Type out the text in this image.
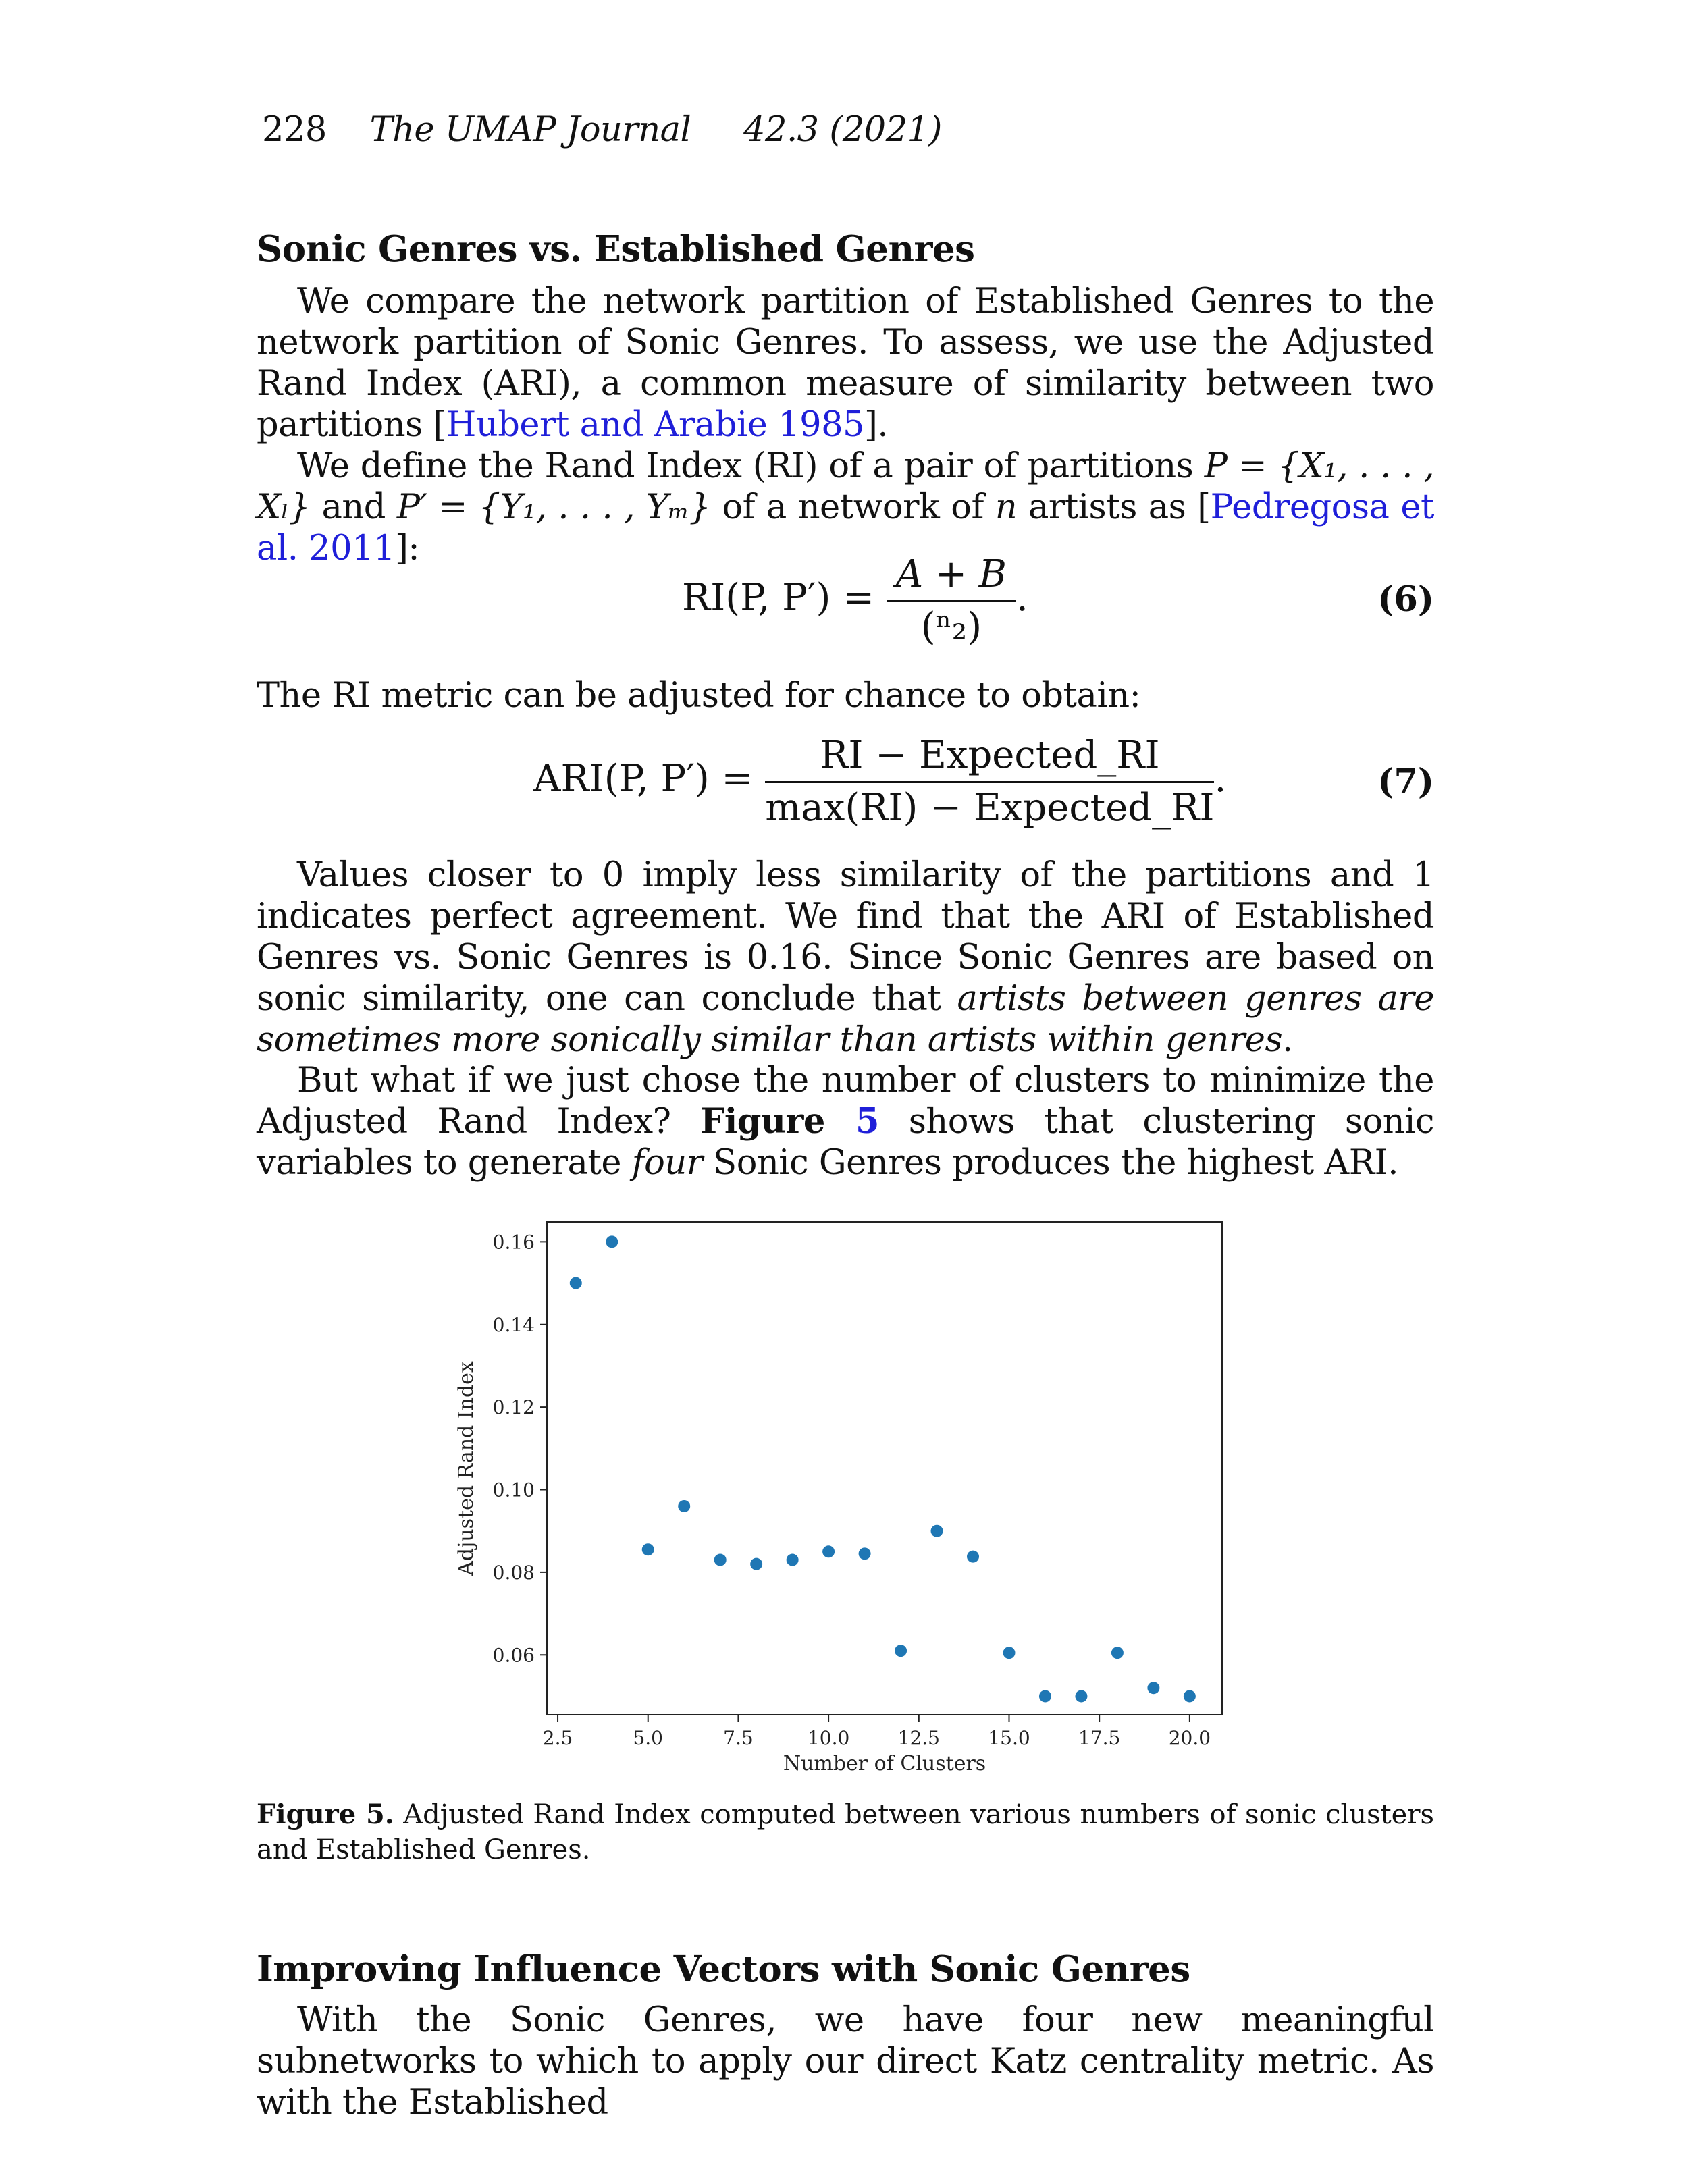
228 The UMAP Journal 42.3 (2021)
Sonic Genres vs. Established Genres
We compare the network partition of Established Genres to the network partition of Sonic Genres. To assess, we use the Adjusted Rand Index (ARI), a common measure of similarity between two partitions [Hubert and Arabie 1985].
We define the Rand Index (RI) of a pair of partitions P = {X₁, . . . , Xₗ} and P′ = {Y₁, . . . , Yₘ} of a network of n artists as [Pedregosa et al. 2011]:
RI(P, $P') = \frac{A + B}{\text{(ⁿ₂)}}$ .	(6)
The RI metric can be adjusted for chance to obtain:
ARI(P, $P') = \frac{\text{RI − Expected\_RI}}{\text{max(RI) − Expected\_RI}}$ .	(7)
Values closer to 0 imply less similarity of the partitions and 1 indicates perfect agreement. We find that the ARI of Established Genres vs. Sonic Genres is 0.16. Since Sonic Genres are based on sonic similarity, one can conclude that artists between genres are sometimes more sonically similar than artists within genres.
But what if we just chose the number of clusters to minimize the Adjusted Rand Index? Figure 5 shows that clustering sonic variables to generate four Sonic Genres produces the highest ARI.
2.5	5.0	7.5	10.0	12.5	15.0	17.5	20.0
0.06
0.08
0.10
0.12
0.14
0.16
Number of Clusters
Adjusted Rand Index
Figure 5. Adjusted Rand Index computed between various numbers of sonic clusters and Established Genres.
Improving Influence Vectors with Sonic Genres
With the Sonic Genres, we have four new meaningful subnetworks to which to apply our direct Katz centrality metric. As with the Established
